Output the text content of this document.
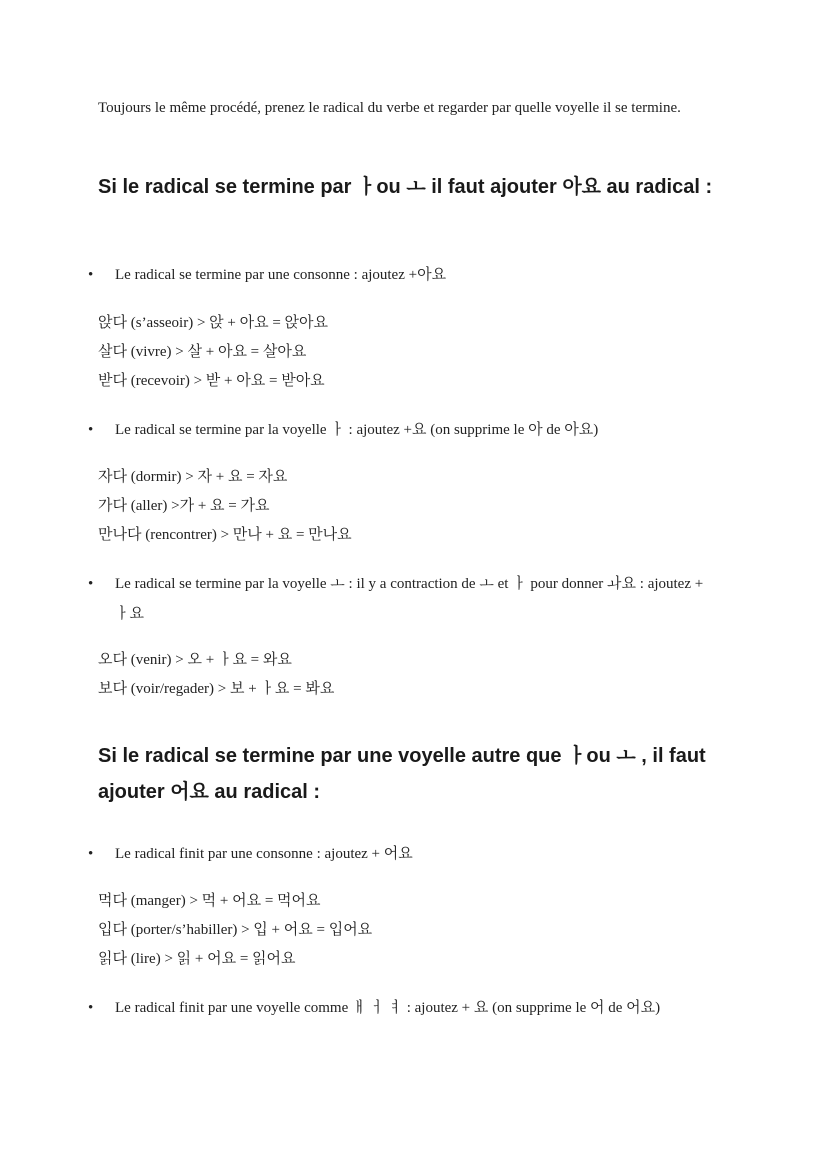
Toujours le même procédé, prenez le radical du verbe et regarder par quelle voyelle il se termine.

Si le radical se termine par ㅏou ㅗ il faut ajouter 아요 au radical :
•	Le radical se termine par une consonne : ajoutez +아요
앉다 (s’asseoir) > 앉 + 아요 = 앉아요
살다 (vivre) > 살 + 아요 = 살아요
받다 (recevoir) > 받 + 아요 = 받아요
•	Le radical se termine par la voyelle ㅏ : ajoutez +요 (on supprime le 아 de 아요)
자다 (dormir) > 자 + 요 = 자요
가다 (aller) >가 + 요 = 가요
만나다 (rencontrer) > 만나 + 요 = 만나요
•	Le radical se termine par la voyelle ㅗ : il y a contraction de ㅗ et ㅏ pour donner ㅘ요 : ajoutez + ㅏ요
오다 (venir) > 오 + ㅏ요 = 와요
보다 (voir/regader) > 보 + ㅏ요 = 봐요
Si le radical se termine par une voyelle autre que ㅏou ㅗ , il faut ajouter 어요 au radical :
•	Le radical finit par une consonne : ajoutez + 어요
먹다 (manger) > 먹 + 어요 = 먹어요
입다 (porter/s’habiller) > 입 + 어요 = 입어요
읽다 (lire) > 읽 + 어요 = 읽어요
•	Le radical finit par une voyelle comme ㅐ ㅓ ㅕ : ajoutez + 요 (on supprime le 어 de 어요)
